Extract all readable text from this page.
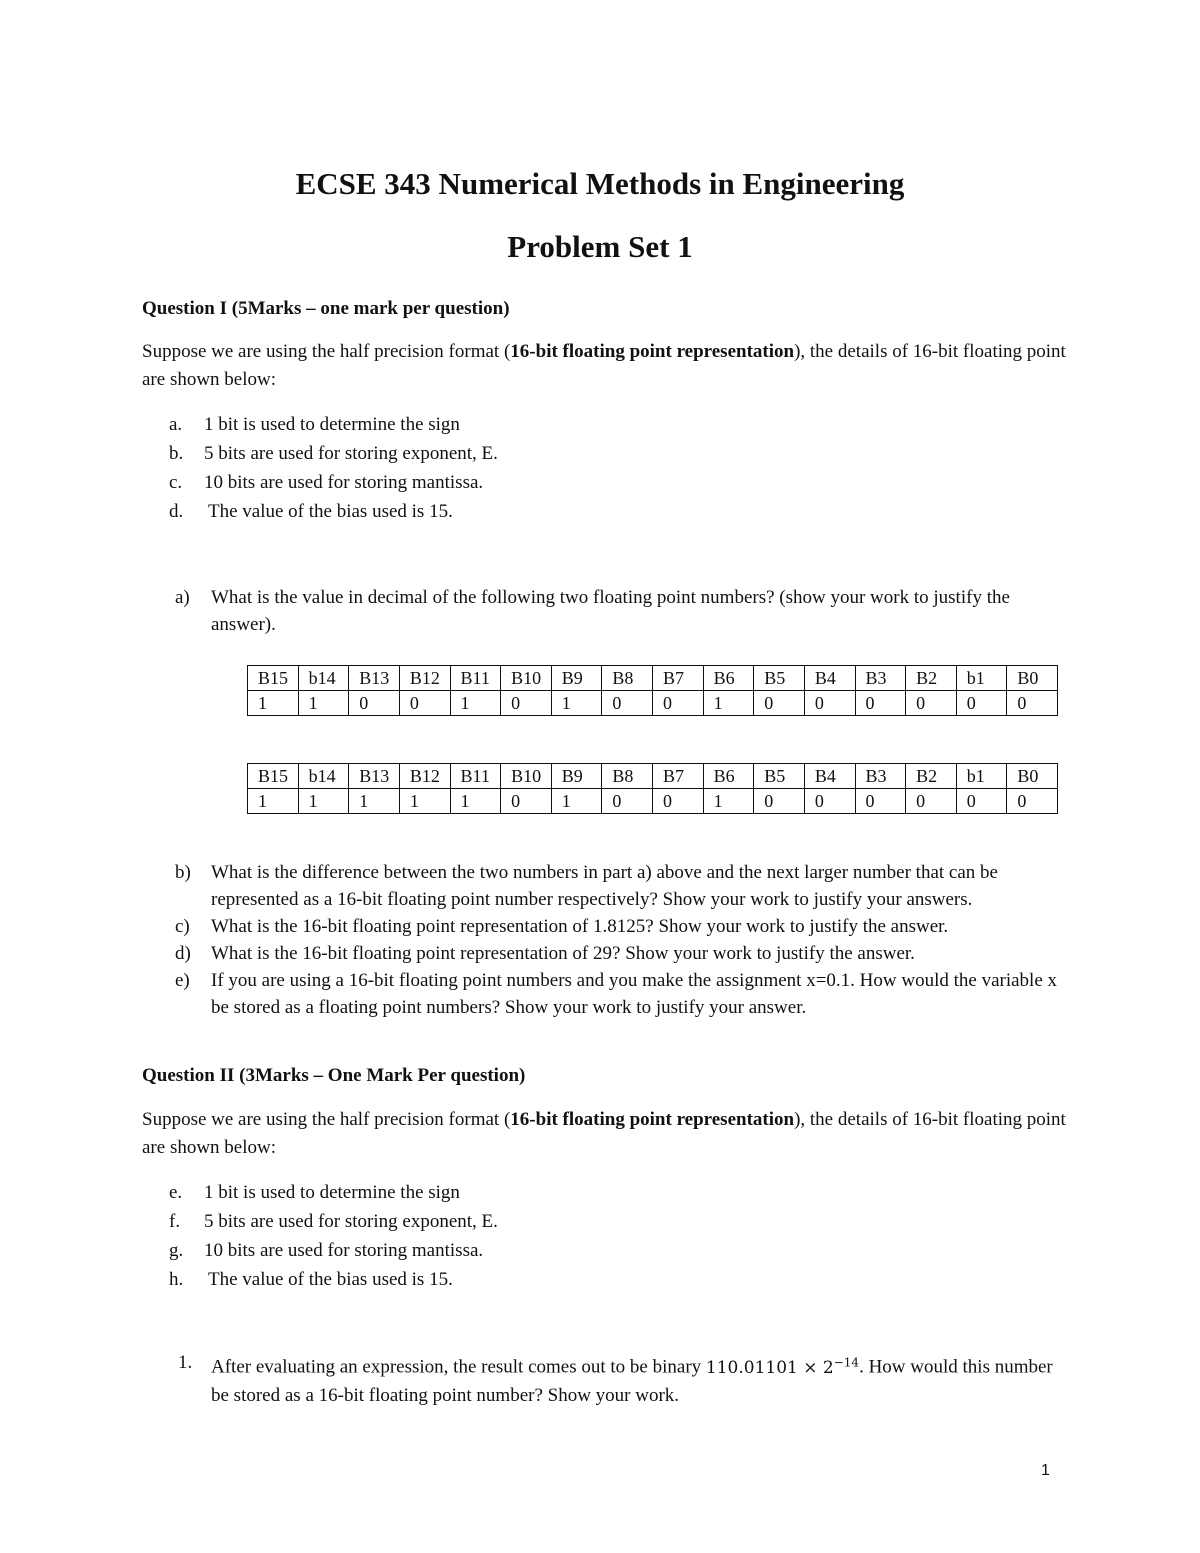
ECSE 343 Numerical Methods in Engineering
Problem Set 1
Question I (5Marks – one mark per question)
Suppose we are using the half precision format (16-bit floating point representation), the details of 16-bit floating point are shown below:
a. 1 bit is used to determine the sign
b. 5 bits are used for storing exponent, E.
c. 10 bits are used for storing mantissa.
d. The value of the bias used is 15.
a) What is the value in decimal of the following two floating point numbers? (show your work to justify the answer).
B15	b14	B13	B12	B11	B10	B9	B8	B7	B6	B5	B4	B3	B2	b1	B0
1	1	0	0	1	0	1	0	0	1	0	0	0	0	0	0
B15	b14	B13	B12	B11	B10	B9	B8	B7	B6	B5	B4	B3	B2	b1	B0
1	1	1	1	1	0	1	0	0	1	0	0	0	0	0	0
b) What is the difference between the two numbers in part a) above and the next larger number that can be represented as a 16-bit floating point number respectively? Show your work to justify your answers.
c) What is the 16-bit floating point representation of 1.8125? Show your work to justify the answer.
d) What is the 16-bit floating point representation of 29? Show your work to justify the answer.
e) If you are using a 16-bit floating point numbers and you make the assignment x=0.1. How would the variable x be stored as a floating point numbers? Show your work to justify your answer.
Question II (3Marks – One Mark Per question)
Suppose we are using the half precision format (16-bit floating point representation), the details of 16-bit floating point are shown below:
e. 1 bit is used to determine the sign
f. 5 bits are used for storing exponent, E.
g. 10 bits are used for storing mantissa.
h. The value of the bias used is 15.
1. After evaluating an expression, the result comes out to be binary $110.01101 \times 2^{-14}$. How would this number be stored as a 16-bit floating point number? Show your work.
1
